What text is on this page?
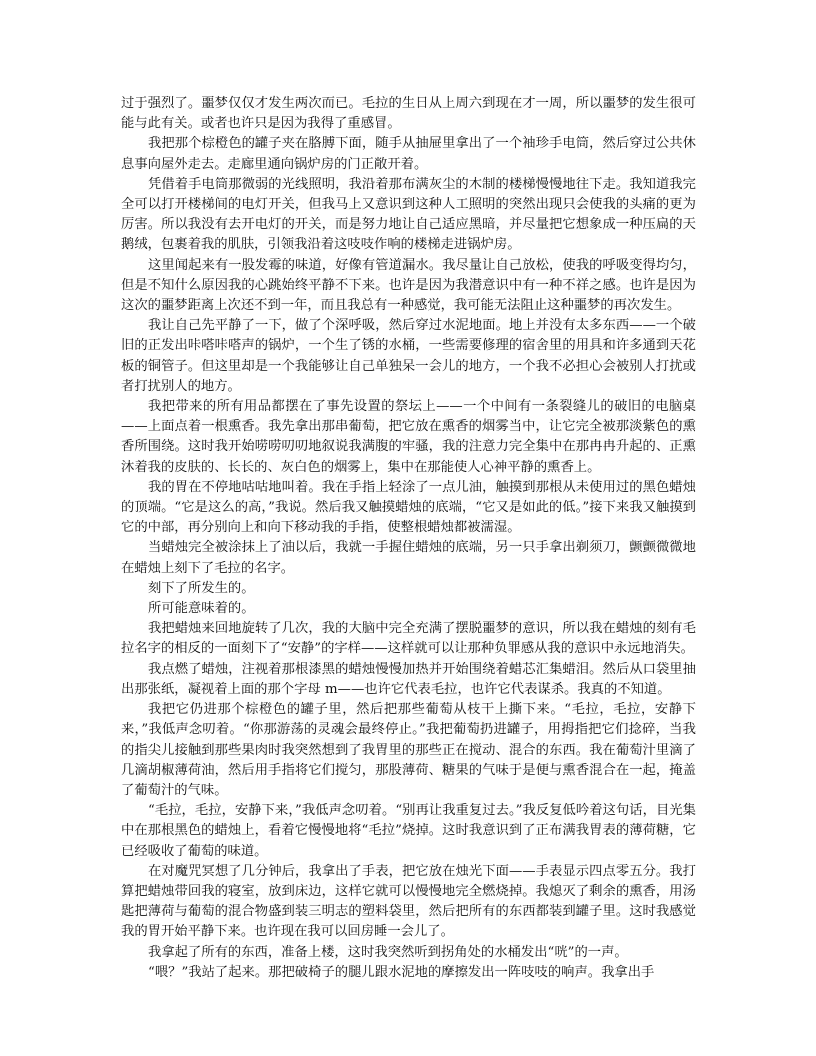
过于强烈了。噩梦仅仅才发生两次而已。毛拉的生日从上周六到现在才一周，所以噩梦的发生很可能与此有关。或者也许只是因为我得了重感冒。

我把那个棕橙色的罐子夹在胳膊下面，随手从抽屉里拿出了一个袖珍手电筒，然后穿过公共休息事向屋外走去。走廊里通向锅炉房的门正敞开着。

凭借着手电筒那微弱的光线照明，我沿着那布满灰尘的木制的楼梯慢慢地往下走。我知道我完全可以打开楼梯间的电灯开关，但我马上又意识到这种人工照明的突然出现只会使我的头痛的更为厉害。所以我没有去开电灯的开关，而是努力地让自己适应黑暗，并尽量把它想象成一种压扁的天鹅绒，包裹着我的肌肤，引领我沿着这吱吱作响的楼梯走进锅炉房。

这里闻起来有一股发霉的味道，好像有管道漏水。我尽量让自己放松，使我的呼吸变得均匀，但是不知什么原因我的心跳始终平静不下来。也许是因为我潜意识中有一种不祥之感。也许是因为这次的噩梦距离上次还不到一年，而且我总有一种感觉，我可能无法阻止这种噩梦的再次发生。

我让自己先平静了一下，做了个深呼吸，然后穿过水泥地面。地上并没有太多东西——一个破旧的正发出咔嗒咔嗒声的锅炉，一个生了锈的水桶，一些需要修理的宿舍里的用具和许多通到天花板的铜管子。但这里却是一个我能够让自己单独呆一会儿的地方，一个我不必担心会被别人打扰或者打扰别人的地方。

我把带来的所有用品都摆在了事先设置的祭坛上——一个中间有一条裂缝儿的破旧的电脑桌——上面点着一根熏香。我先拿出那串葡萄，把它放在熏香的烟雾当中，让它完全被那淡紫色的熏香所围绕。这时我开始唠唠叨叨地叙说我满腹的牢骚，我的注意力完全集中在那冉冉升起的、正熏沐着我的皮肤的、长长的、灰白色的烟雾上，集中在那能使人心神平静的熏香上。

我的胃在不停地咕咕地叫着。我在手指上轻涂了一点儿油，触摸到那根从未使用过的黑色蜡烛的顶端。“它是这么的高，”我说。然后我又触摸蜡烛的底端，“它又是如此的低。”接下来我又触摸到它的中部，再分别向上和向下移动我的手指，使整根蜡烛都被濡湿。

当蜡烛完全被涂抹上了油以后，我就一手握住蜡烛的底端，另一只手拿出剃须刀，颤颤微微地在蜡烛上刻下了毛拉的名字。

刻下了所发生的。

所可能意味着的。

我把蜡烛来回地旋转了几次，我的大脑中完全充满了摆脱噩梦的意识，所以我在蜡烛的刻有毛拉名字的相反的一面刻下了“安静”的字样——这样就可以让那种负罪感从我的意识中永远地消失。

我点燃了蜡烛，注视着那根漆黑的蜡烛慢慢加热并开始围绕着蜡芯汇集蜡泪。然后从口袋里抽出那张纸，凝视着上面的那个字母 m——也许它代表毛拉，也许它代表谋杀。我真的不知道。

我把它仍进那个棕橙色的罐子里，然后把那些葡萄从枝干上撕下来。“毛拉，毛拉，安静下来，”我低声念叨着。“你那游荡的灵魂会最终停止。”我把葡萄扔进罐子，用拇指把它们捻碎，当我的指尖儿接触到那些果肉时我突然想到了我胃里的那些正在搅动、混合的东西。我在葡萄汁里滴了几滴胡椒薄荷油，然后用手指将它们搅匀，那股薄荷、糖果的气味于是便与熏香混合在一起，掩盖了葡萄汁的气味。

“毛拉，毛拉，安静下来，”我低声念叨着。“别再让我重复过去。”我反复低吟着这句话，目光集中在那根黑色的蜡烛上，看着它慢慢地将“毛拉”烧掉。这时我意识到了正布满我胃表的薄荷糖，它已经吸收了葡萄的味道。

在对魔咒冥想了几分钟后，我拿出了手表，把它放在烛光下面——手表显示四点零五分。我打算把蜡烛带回我的寝室，放到床边，这样它就可以慢慢地完全燃烧掉。我熄灭了剩余的熏香，用汤匙把薄荷与葡萄的混合物盛到装三明志的塑料袋里，然后把所有的东西都装到罐子里。这时我感觉我的胃开始平静下来。也许现在我可以回房睡一会儿了。

我拿起了所有的东西，准备上楼，这时我突然听到拐角处的水桶发出“咣”的一声。

“喂？”我站了起来。那把破椅子的腿儿跟水泥地的摩擦发出一阵吱吱的响声。我拿出手
